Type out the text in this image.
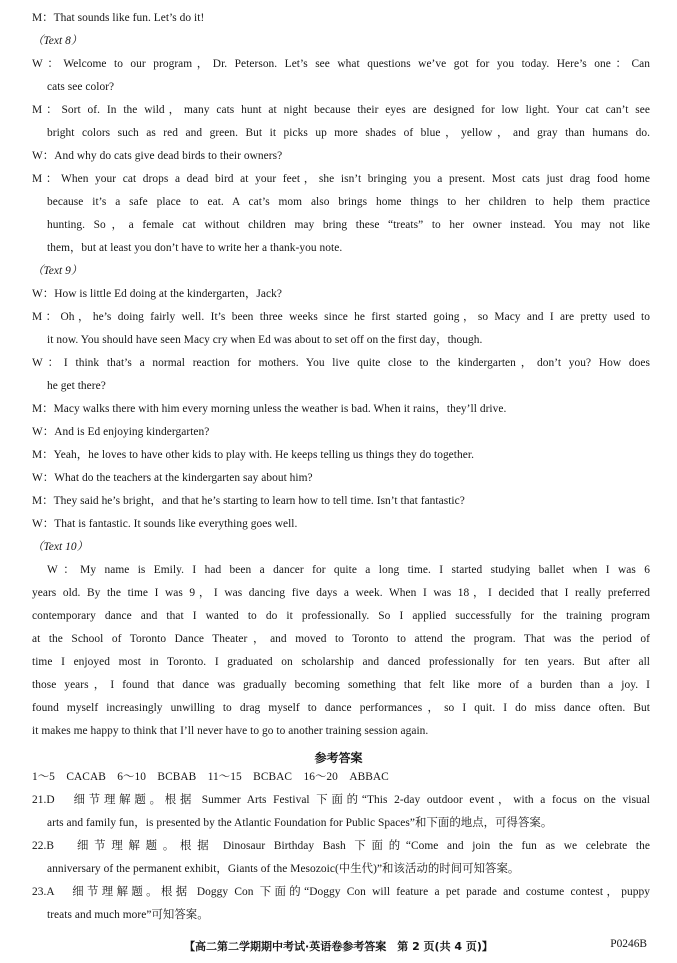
M：That sounds like fun. Let’s do it!
（Text 8）
W：Welcome to our program，Dr. Peterson. Let’s see what questions we’ve got for you today. Here’s one：Can
cats see color?
M：Sort of. In the wild，many cats hunt at night because their eyes are designed for low light. Your cat can’t see
bright colors such as red and green. But it picks up more shades of blue，yellow，and gray than humans do.
W：And why do cats give dead birds to their owners?
M：When your cat drops a dead bird at your feet，she isn’t bringing you a present. Most cats just drag food home
because it’s a safe place to eat. A cat’s mom also brings home things to her children to help them practice
hunting. So，a female cat without children may bring these “treats” to her owner instead. You may not like
them，but at least you don’t have to write her a thank-you note.
（Text 9）
W：How is little Ed doing at the kindergarten，Jack?
M：Oh，he’s doing fairly well. It’s been three weeks since he first started going，so Macy and I are pretty used to
it now. You should have seen Macy cry when Ed was about to set off on the first day，though.
W：I think that’s a normal reaction for mothers. You live quite close to the kindergarten，don’t you? How does
he get there?
M：Macy walks there with him every morning unless the weather is bad. When it rains，they’ll drive.
W：And is Ed enjoying kindergarten?
M：Yeah，he loves to have other kids to play with. He keeps telling us things they do together.
W：What do the teachers at the kindergarten say about him?
M：They said he’s bright，and that he’s starting to learn how to tell time. Isn’t that fantastic?
W：That is fantastic. It sounds like everything goes well.
（Text 10）
W：My name is Emily. I had been a dancer for quite a long time. I started studying ballet when I was 6
years old. By the time I was 9，I was dancing five days a week. When I was 18，I decided that I really preferred
contemporary dance and that I wanted to do it professionally. So I applied successfully for the training program
at the School of Toronto Dance Theater，and moved to Toronto to attend the program. That was the period of
time I enjoyed most in Toronto. I graduated on scholarship and danced professionally for ten years. But after all
those years，I found that dance was gradually becoming something that felt like more of a burden than a joy. I
found myself increasingly unwilling to drag myself to dance performances，so I quit. I do miss dance often. But
it makes me happy to think that I’ll never have to go to another training session again.
1～5　CACAB　6～10　BCBAB　11～15　BCBAC　16～20　ABBAC
21.D　细节理解题。根据 Summer Arts Festival 下面的“This 2-day outdoor event，with a focus on the visual
arts and family fun，is presented by the Atlantic Foundation for Public Spaces”和下面的地点，可得答案。
22.B　细节理解题。根据 Dinosaur Birthday Bash 下面的“Come and join the fun as we celebrate the
anniversary of the permanent exhibit，Giants of the Mesozoic(中生代)”和该活动的时间可知答案。
23.A　细节理解题。根据 Doggy Con 下面的“Doggy Con will feature a pet parade and costume contest，puppy
treats and much more”可知答案。
参考答案
【高二第二学期期中考试·英语卷参考答案　第 2 页(共 4 页)】	P0246B
